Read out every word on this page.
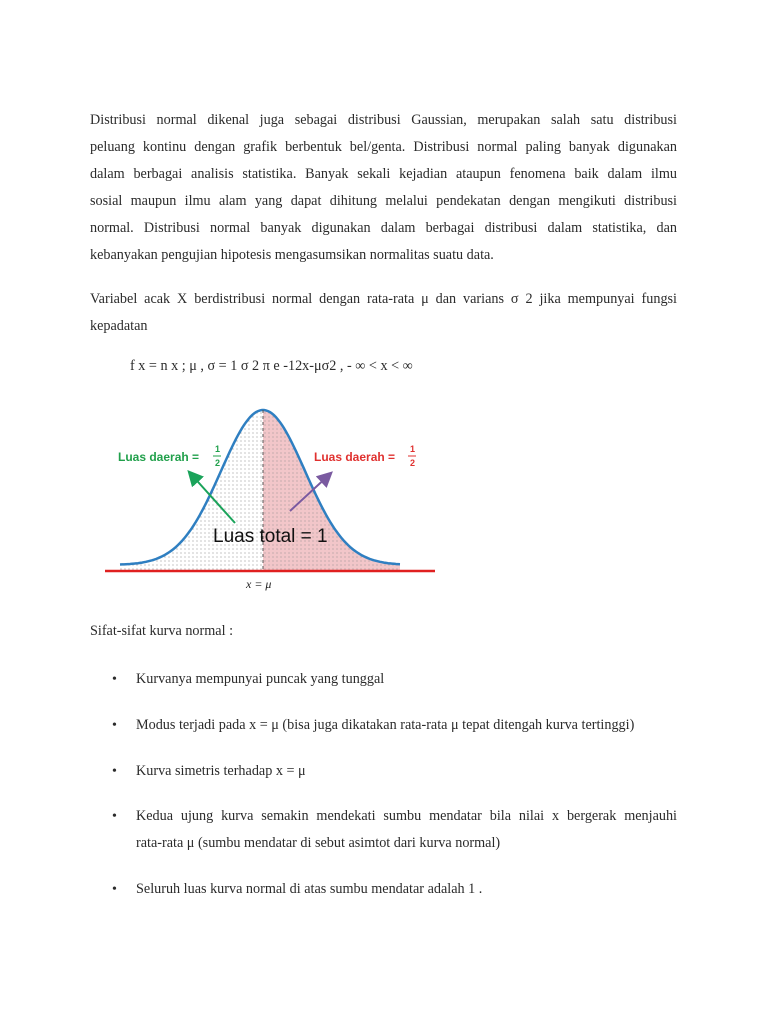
Distribusi normal dikenal juga sebagai distribusi Gaussian, merupakan salah satu distribusi
peluang kontinu dengan grafik berbentuk bel/genta. Distribusi normal paling banyak digunakan
dalam berbagai analisis statistika. Banyak sekali kejadian ataupun fenomena baik dalam ilmu
sosial maupun ilmu alam yang dapat dihitung melalui pendekatan dengan mengikuti distribusi
normal. Distribusi normal banyak digunakan dalam berbagai distribusi dalam statistika, dan
kebanyakan pengujian hipotesis mengasumsikan normalitas suatu data.
Variabel acak X berdistribusi normal dengan rata-rata μ dan varians σ 2 jika mempunyai fungsi
kepadatan
f x = n x ; μ , σ = 1 σ 2 π e -12x-μσ2 , - ∞ < x < ∞
Luas daerah =
1
2	Luas daerah =
1
2
Luas total = 1
x = μ
Sifat-sifat kurva normal :
• Kurvanya mempunyai puncak yang tunggal
• Modus terjadi pada x = μ (bisa juga dikatakan rata-rata μ tepat ditengah kurva tertinggi)
• Kurva simetris terhadap x = μ
• Kedua ujung kurva semakin mendekati sumbu mendatar bila nilai x bergerak menjauhi
rata-rata μ (sumbu mendatar di sebut asimtot dari kurva normal)
• Seluruh luas kurva normal di atas sumbu mendatar adalah 1 .
